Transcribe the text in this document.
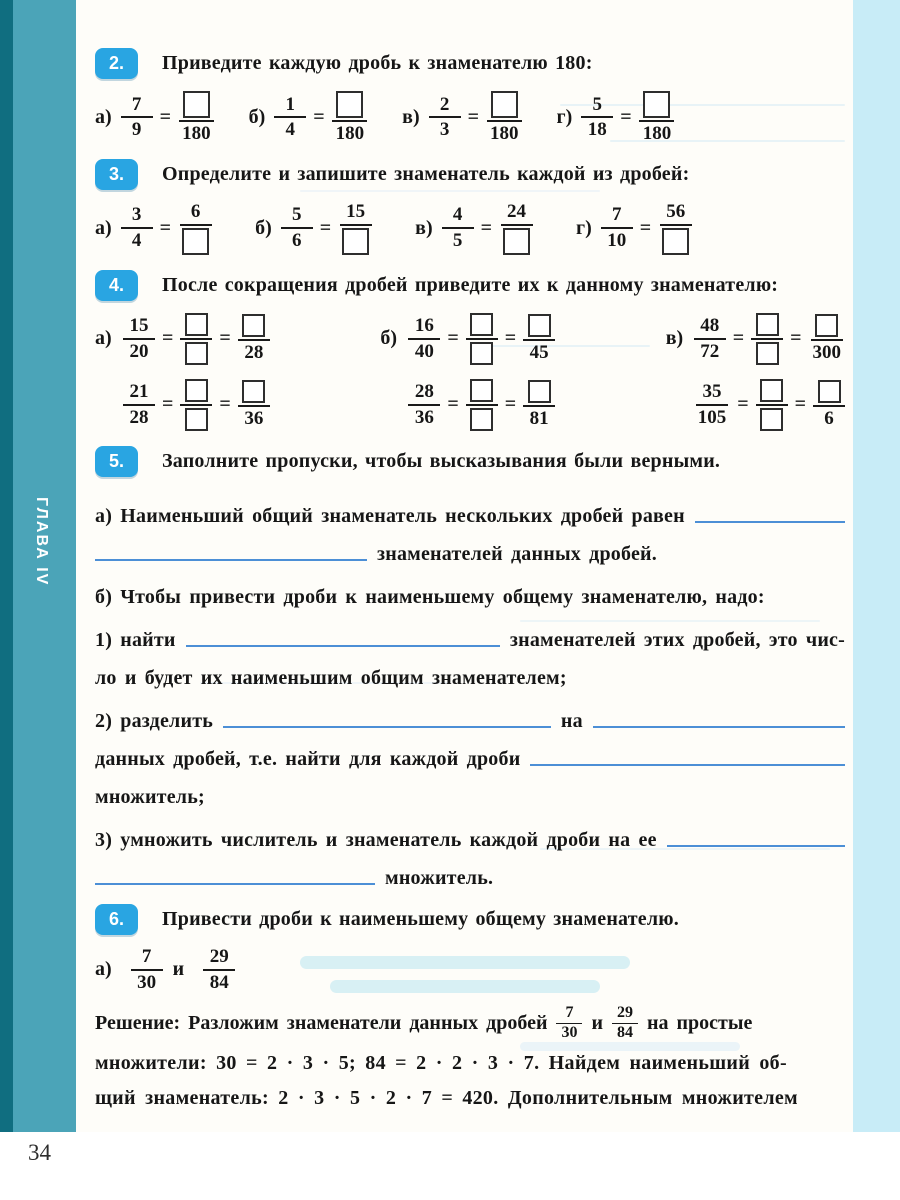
ГЛАВА IV
34
2.	Приведите каждую дробь к знаменателю 180:
$а) \frac{7}{9}$ =
180
$б) \frac{1}{4}$ =
180
$в) \frac{2}{3}$ =
180
$г) \frac{5}{18}$ =
180
3.	Определите и запишите знаменатель каждой из дробей:
$а) \frac{3}{4}$ =
6
$б) \frac{5}{6}$ =
15
$в) \frac{4}{5}$ =
24
$г) \frac{7}{10}$ =
56
4.	После сокращения дробей приведите их к данному знаменателю:
$а) \frac{15}{20}$ = =
28
$\frac{21}{28}$ = =
36
$б) \frac{16}{40}$ = =
45
$\frac{28}{36}$ = =
81
$в) \frac{48}{72}$ = =
300
$\frac{35}{105}$ = =
6
5.	Заполните пропуски, чтобы высказывания были верными.
а) Наименьший общий знаменатель нескольких дробей равен
знаменателей данных дробей.
б) Чтобы привести дроби к наименьшему общему знаменателю, надо:
1) найти	знаменателей этих дробей, это чис-
ло и будет их наименьшим общим знаменателем;
2) разделить	на
данных дробей, т.е. найти для каждой дроби
множитель;
3) умножить числитель и знаменатель каждой дроби на ее
множитель.
6.	Привести дроби к наименьшему общему знаменателю.
$а) \frac{7}{30}$ и $\frac{29}{84}$
Решение: Разложим знаменатели данных дробей $\frac{7}{30}$ и $\frac{29}{84}$ на простые
множители: 30 = 2 · 3 · 5; 84 = 2 · 2 · 3 · 7. Найдем наименьший об-
щий знаменатель: 2 · 3 · 5 · 2 · 7 = 420. Дополнительным множителем
